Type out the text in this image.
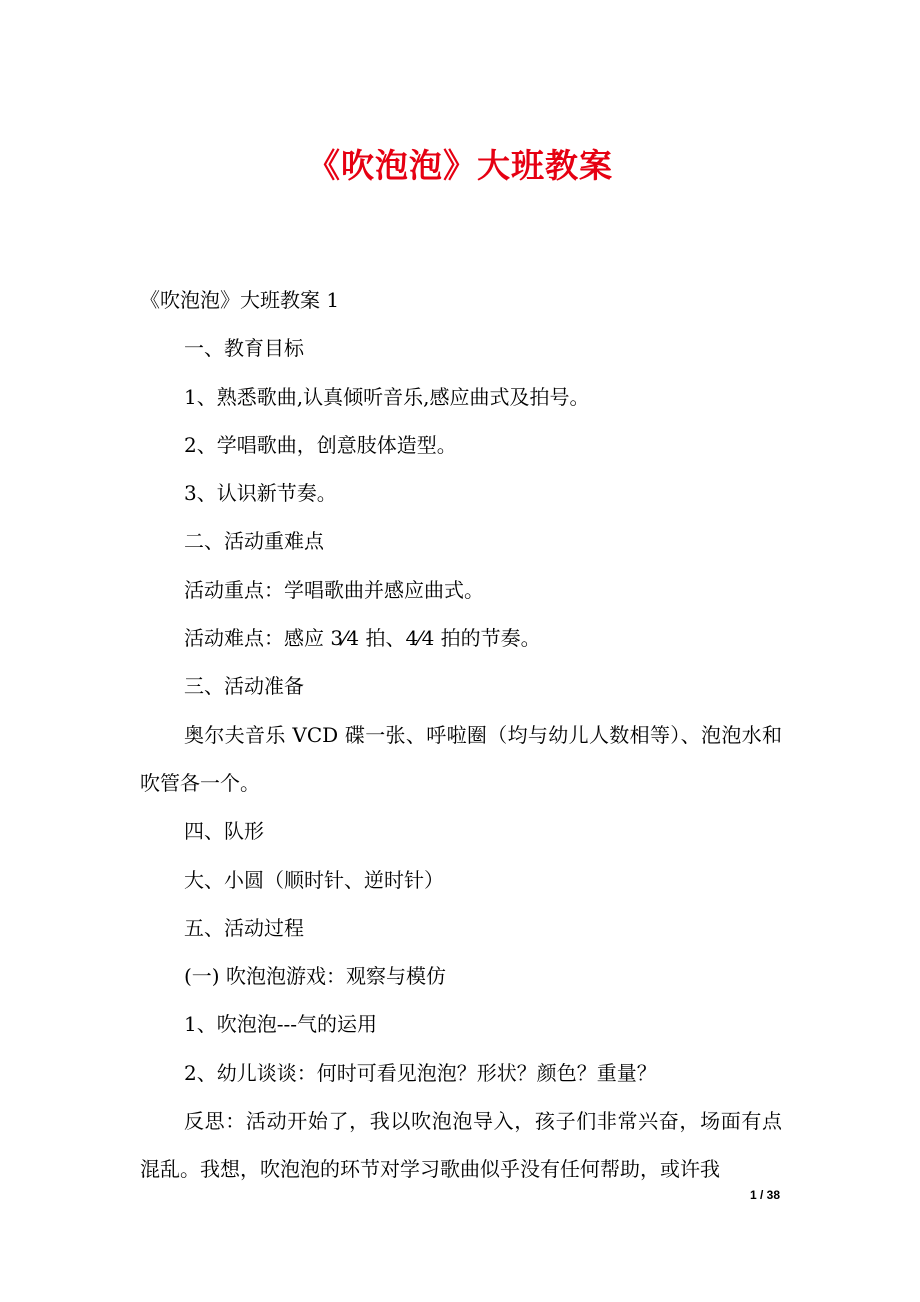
《吹泡泡》大班教案

《吹泡泡》大班教案 1

一、教育目标

1、熟悉歌曲,认真倾听音乐,感应曲式及拍号。

2、学唱歌曲，创意肢体造型。

3、认识新节奏。

二、活动重难点

活动重点：学唱歌曲并感应曲式。

活动难点：感应 3⁄4 拍、4⁄4 拍的节奏。

三、活动准备

奥尔夫音乐 VCD 碟一张、呼啦圈（均与幼儿人数相等）、泡泡水和吹管各一个。

四、队形

大、小圆（顺时针、逆时针）

五、活动过程

(一) 吹泡泡游戏：观察与模仿

1、吹泡泡---气的运用

2、幼儿谈谈：何时可看见泡泡？形状？颜色？重量？

反思：活动开始了，我以吹泡泡导入，孩子们非常兴奋，场面有点混乱。我想，吹泡泡的环节对学习歌曲似乎没有任何帮助，或许我

1 / 38
